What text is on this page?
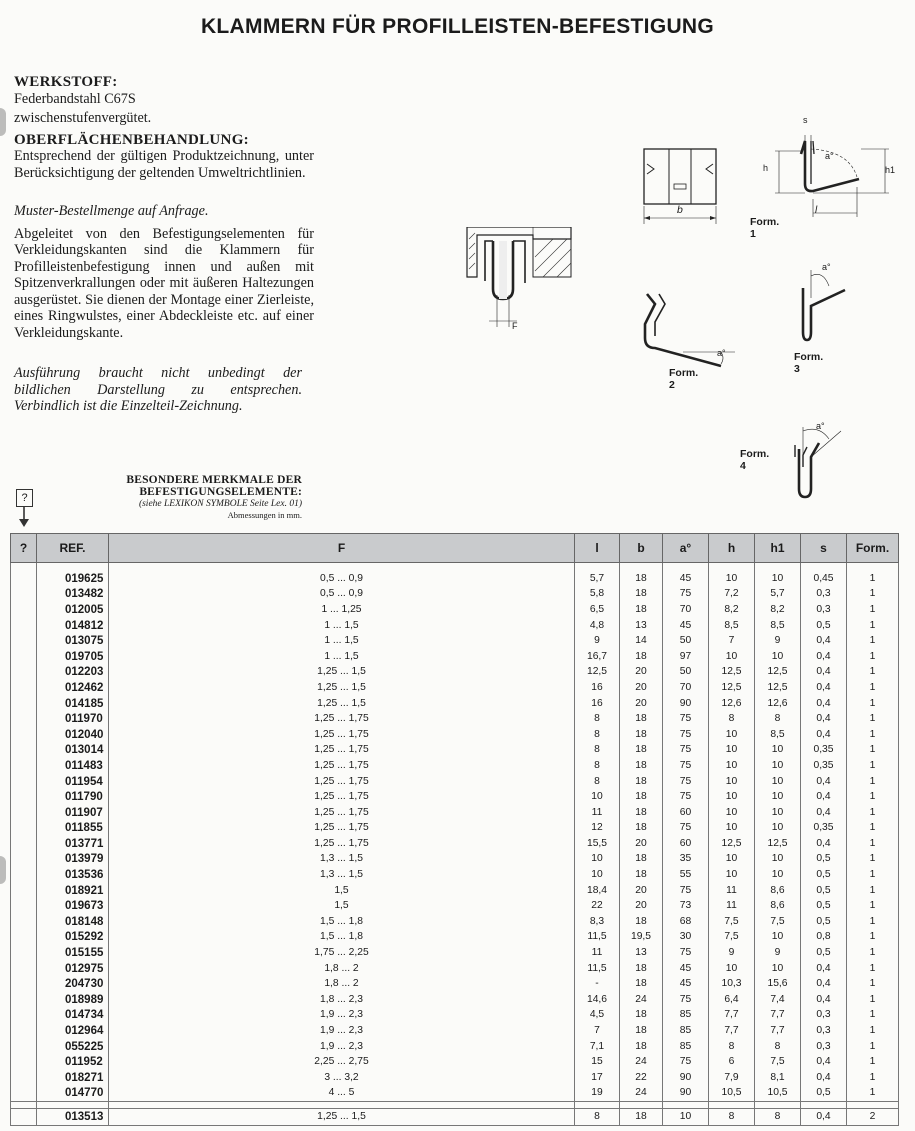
KLAMMERN FÜR PROFILLEISTEN-BEFESTIGUNG

WERKSTOFF:

Federbandstahl C67S

zwischenstufenvergütet.

OBERFLÄCHENBEHANDLUNG:

Entsprechend der gültigen Produktzeichnung, unter Berücksichtigung der geltenden Umweltrichtlinien.

Muster-Bestellmenge auf Anfrage.

Abgeleitet von den Befestigungselementen für Verkleidungskanten sind die Klammern für Profilleistenbefestigung innen und außen mit Spitzenverkrallungen oder mit äußeren Haltezungen ausgerüstet. Sie dienen der Montage einer Zierleiste, eines Ringwulstes, einer Abdeckleiste etc. auf einer Verkleidungskante.

Ausführung braucht nicht unbedingt der bildlichen Darstellung zu entsprechen. Verbindlich ist die Einzelteil-Zeichnung.

BESONDERE MERKMALE DER
BEFESTIGUNGSELEMENTE:
(siehe LEXIKON SYMBOLE Seite Lex. 01)
Abmessungen in mm.
?
b
s
a°
h	h1
l
Form. 1
F
a°
Form. 2
a°
Form. 3
a°
Form. 4
?	REF.	F	l	b	a°	h	h1	s	Form.

	019625	0,5 ... 0,9	5,7	18	45	10	10	0,45	1
	013482	0,5 ... 0,9	5,8	18	75	7,2	5,7	0,3	1
	012005	1 ... 1,25	6,5	18	70	8,2	8,2	0,3	1
	014812	1 ... 1,5	4,8	13	45	8,5	8,5	0,5	1
	013075	1 ... 1,5	9	14	50	7	9	0,4	1
	019705	1 ... 1,5	16,7	18	97	10	10	0,4	1
	012203	1,25 ... 1,5	12,5	20	50	12,5	12,5	0,4	1
	012462	1,25 ... 1,5	16	20	70	12,5	12,5	0,4	1
	014185	1,25 ... 1,5	16	20	90	12,6	12,6	0,4	1
	011970	1,25 ... 1,75	8	18	75	8	8	0,4	1
	012040	1,25 ... 1,75	8	18	75	10	8,5	0,4	1
	013014	1,25 ... 1,75	8	18	75	10	10	0,35	1
	011483	1,25 ... 1,75	8	18	75	10	10	0,35	1
	011954	1,25 ... 1,75	8	18	75	10	10	0,4	1
	011790	1,25 ... 1,75	10	18	75	10	10	0,4	1
	011907	1,25 ... 1,75	11	18	60	10	10	0,4	1
	011855	1,25 ... 1,75	12	18	75	10	10	0,35	1
	013771	1,25 ... 1,75	15,5	20	60	12,5	12,5	0,4	1
	013979	1,3 ... 1,5	10	18	35	10	10	0,5	1
	013536	1,3 ... 1,5	10	18	55	10	10	0,5	1
	018921	1,5	18,4	20	75	11	8,6	0,5	1
	019673	1,5	22	20	73	11	8,6	0,5	1
	018148	1,5 ... 1,8	8,3	18	68	7,5	7,5	0,5	1
	015292	1,5 ... 1,8	11,5	19,5	30	7,5	10	0,8	1
	015155	1,75 ... 2,25	11	13	75	9	9	0,5	1
	012975	1,8 ... 2	11,5	18	45	10	10	0,4	1
	204730	1,8 ... 2	-	18	45	10,3	15,6	0,4	1
	018989	1,8 ... 2,3	14,6	24	75	6,4	7,4	0,4	1
	014734	1,9 ... 2,3	4,5	18	85	7,7	7,7	0,3	1
	012964	1,9 ... 2,3	7	18	85	7,7	7,7	0,3	1
	055225	1,9 ... 2,3	7,1	18	85	8	8	0,3	1
	011952	2,25 ... 2,75	15	24	75	6	7,5	0,4	1
	018271	3 ... 3,2	17	22	90	7,9	8,1	0,4	1
	014770	4 ... 5	19	24	90	10,5	10,5	0,5	1

	013513	1,25 ... 1,5	8	18	10	8	8	0,4	2
